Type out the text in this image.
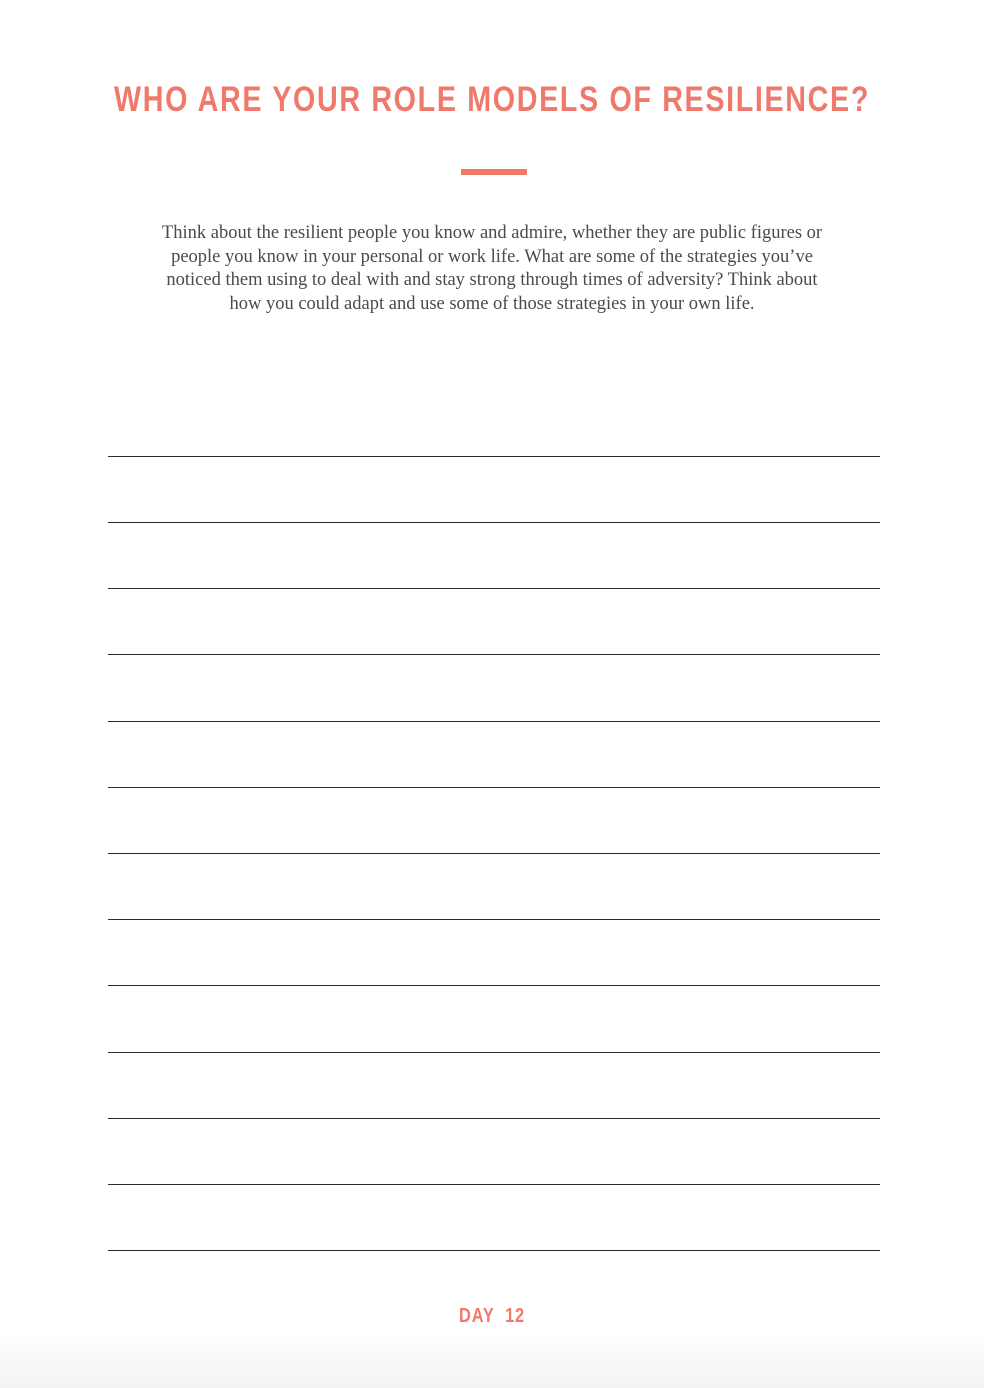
WHO ARE YOUR ROLE MODELS OF RESILIENCE?

Think about the resilient people you know and admire, whether they are public figures or people you know in your personal or work life. What are some of the strategies you’ve noticed them using to deal with and stay strong through times of adversity? Think about how you could adapt and use some of those strategies in your own life.

DAY  12
